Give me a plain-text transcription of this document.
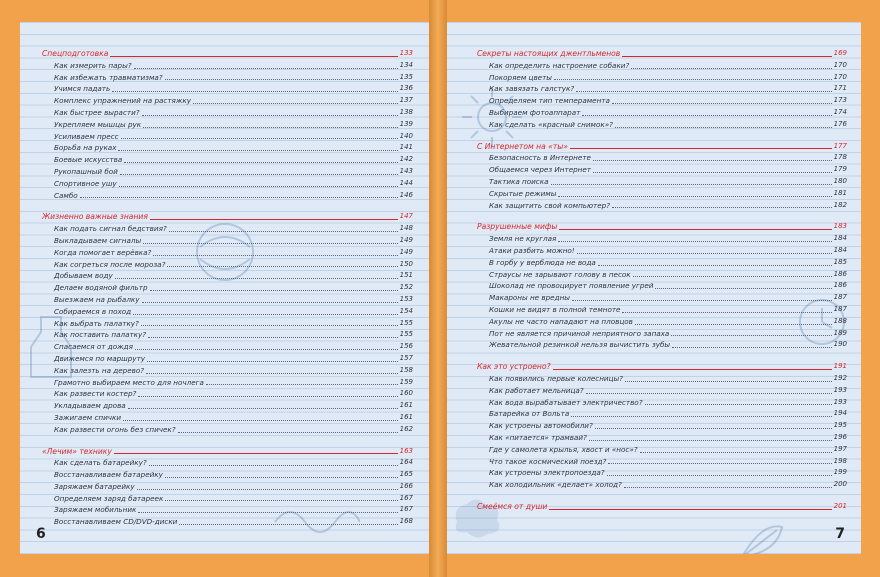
Спецподготовка	133
Как измерить пары?	134
Как избежать травматизма?	135
Учимся падать	136
Комплекс упражнений на растяжку	137
Как быстрее вырасти?	138
Укрепляем мышцы рук	139
Усиливаем пресс	140
Борьба на руках	141
Боевые искусства	142
Рукопашный бой	143
Спортивное ушу	144
Самбо	146
Жизненно важные знания	147
Как подать сигнал бедствия?	148
Выкладываем сигналы	149
Когда помогает верёвка?	149
Как согреться после мороза?	150
Добываем воду	151
Делаем водяной фильтр	152
Выезжаем на рыбалку	153
Собираемся в поход	154
Как выбрать палатку?	155
Как поставить палатку?	155
Спасаемся от дождя	156
Движемся по маршруту	157
Как залезть на дерево?	158
Грамотно выбираем место для ночлега	159
Как развести костер?	160
Укладываем дрова	161
Зажигаем спички	161
Как развести огонь без спичек?	162
«Лечим» технику	163
Как сделать батарейку?	164
Восстанавливаем батарейку	165
Заряжаем батарейку	166
Определяем заряд батареек	167
Заряжаем мобильник	167
Восстанавливаем CD/DVD-диски	168
6
Секреты настоящих джентльменов	169
Как определить настроение собаки?	170
Покоряем цветы	170
Как завязать галстук?	171
Определяем тип темперамента	173
Выбираем фотоаппарат	174
Как сделать «красный снимок»?	176
С Интернетом на «ты»	177
Безопасность в Интернете	178
Общаемся через Интернет	179
Тактика поиска	180
Скрытые режимы	181
Как защитить свой компьютер?	182
Разрушенные мифы	183
Земля не круглая	184
Атаки разбить можно!	184
В горбу у верблюда не вода	185
Страусы не зарывают голову в песок	186
Шоколад не провоцирует появление угрей	186
Макароны не вредны	187
Кошки не видят в полной темноте	187
Акулы не часто нападают на пловцов	188
Пот не является причиной неприятного запаха	189
Жевательной резинкой нельзя вычистить зубы	190
Как это устроено?	191
Как появились первые колесницы?	192
Как работает мельница?	193
Как вода вырабатывает электричество?	193
Батарейка от Вольта	194
Как устроены автомобили?	195
Как «питается» трамвай?	196
Где у самолета крылья, хвост и «нос»?	197
Что такое космический поезд?	198
Как устроены электропоезда?	199
Как холодильник «делает» холод?	200
Смеёмся от души	201
7
